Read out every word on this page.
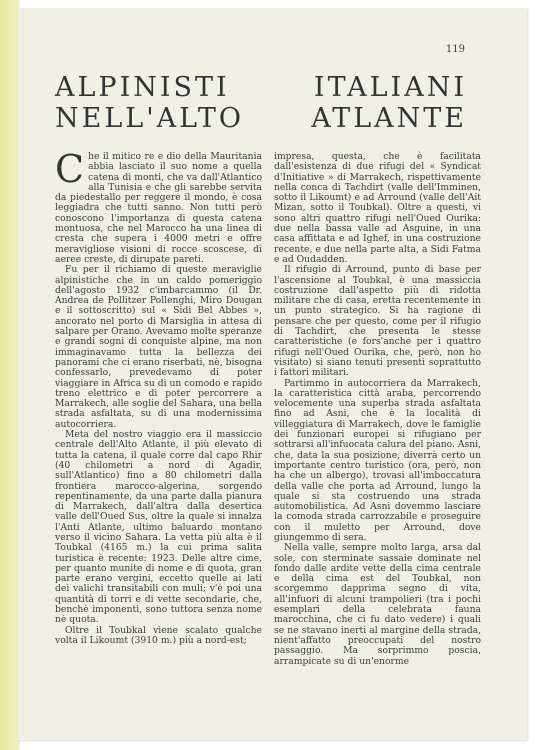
119
ALPINISTI	ITALIANI
NELL'ALTO ATLANTE

Che il mitico re e dio della Mauritania abbia lasciato il suo nome a quella catena di monti, che va dall'Atlantico alla Tunisia e che gli sarebbe servita da piedestallo per reggere il mondo, è cosa leggiadra che tutti sanno. Non tutti però conoscono l'importanza di questa catena montuosa, che nel Marocco ha una linea di cresta che supera i 4000 metri e offre meravigliose visioni di rocce scoscese, di aeree creste, di dirupate pareti.

Fu per il richiamo di queste meraviglie alpinistiche che in un caldo pomeriggio dell'agosto 1932 c'imbarcammo (il Dr. Andrea de Pollitzer Pollenghi, Miro Dougan e il sottoscritto) sul « Sidi Bel Abbes », ancorato nel porto di Marsiglia in attesa di salpare per Orano. Avevamo molte speranze e grandi sogni di conquiste alpine, ma non immaginavamo tutta la bellezza dei panorami che ci erano riserbati, nè, bisogna confessarlo, prevedevamo di poter viaggiare in Africa su di un comodo e rapido treno elettrico e di poter percorrere a Marrakech, alle soglie del Sahara, una bella strada asfaltata, su di una modernissima autocorriera.

Meta del nostro viaggio era il massiccio centrale dell'Alto Atlante, il più elevato di tutta la catena, il quale corre dal capo Rhir (40 chilometri a nord di Agadir, sull'Atlantico) fino a 80 chilometri dalla frontiera marocco-algerina, sorgendo repentinamente, da una parte dalla pianura di Marrakech, dall'altra dalla desertica valle dell'Oued Sus, oltre la quale si innalza l'Anti Atlante, ultimo baluardo montano verso il vicino Sahara. La vetta più alta è il Toubkal (4165 m.) la cui prima salita turistica è recente: 1923. Delle altre cime, per quanto munite di nome e di quota, gran parte erano vergini, eccetto quelle ai lati dei valichi transitabili con muli; v'è poi una quantità di torri e di vette secondarie, che, benchè imponenti, sono tuttora senza nome nè quota.

Oltre il Toubkal viene scalato qualche volta il Likoumt (3910 m.) più a nord-est;

impresa, questa, che è facilitata dall'esistenza di due rifugi del « Syndicat d'Initiative » di Marrakech, rispettivamente nella conca di Tachdirt (valle dell'Imminen, sotto il Likoumt) e ad Arround (valle dell'Ait Mizan, sotto il Toubkal). Oltre a questi, vi sono altri quattro rifugi nell'Oued Ourika: due nella bassa valle ad Asguine, in una casa affittata e ad Ighef, in una costruzione recente, e due nella parte alta, a Sidi Fatma e ad Oudadden.

Il rifugio di Arround, punto di base per l'ascensione al Toubkal, è una massiccia costruzione dall'aspetto più di ridotta militare che di casa, eretta recentemente in un punto strategico. Si ha ragione di pensare che per questo, come per il rifugio di Tachdirt, che presenta le stesse caratteristiche (e fors'anche per i quattro rifugi nell'Oued Ourika, che, però, non ho visitato) si siano tenuti presenti soprattutto i fattori militari.

Partimmo in autocorriera da Marrakech, la caratteristica città araba, percorrendo velocemente una superba strada asfaltata fino ad Asni, che è la località di villeggiatura di Marrakech, dove le famiglie dei funzionari europei si rifugiano per sottrarsi all'infuocata calura del piano. Asni, che, data la sua posizione, diverrà certo un importante centro turistico (ora, però, non ha che un albergo), trovasi all'imboccatura della valle che porta ad Arround, lungo la quale si sta costruendo una strada automobilistica. Ad Asni dovemmo lasciare la comoda strada carrozzabile e proseguire con il muletto per Arround, dove giungemmo di sera.

Nella valle, sempre molto larga, arsa dal sole, con sterminate sassaie dominate nel fondo dalle ardite vette della cima centrale e della cima est del Toubkal, non scorgemmo dapprima segno di vita, all'infuori di alcuni trampolieri (tra i pochi esemplari della celebrata fauna marocchina, che ci fu dato vedere) i quali se ne stavano inerti al margine della strada, nient'affatto preoccupati del nostro passaggio. Ma sorprimmo poscia, arrampicate su di un'enorme
